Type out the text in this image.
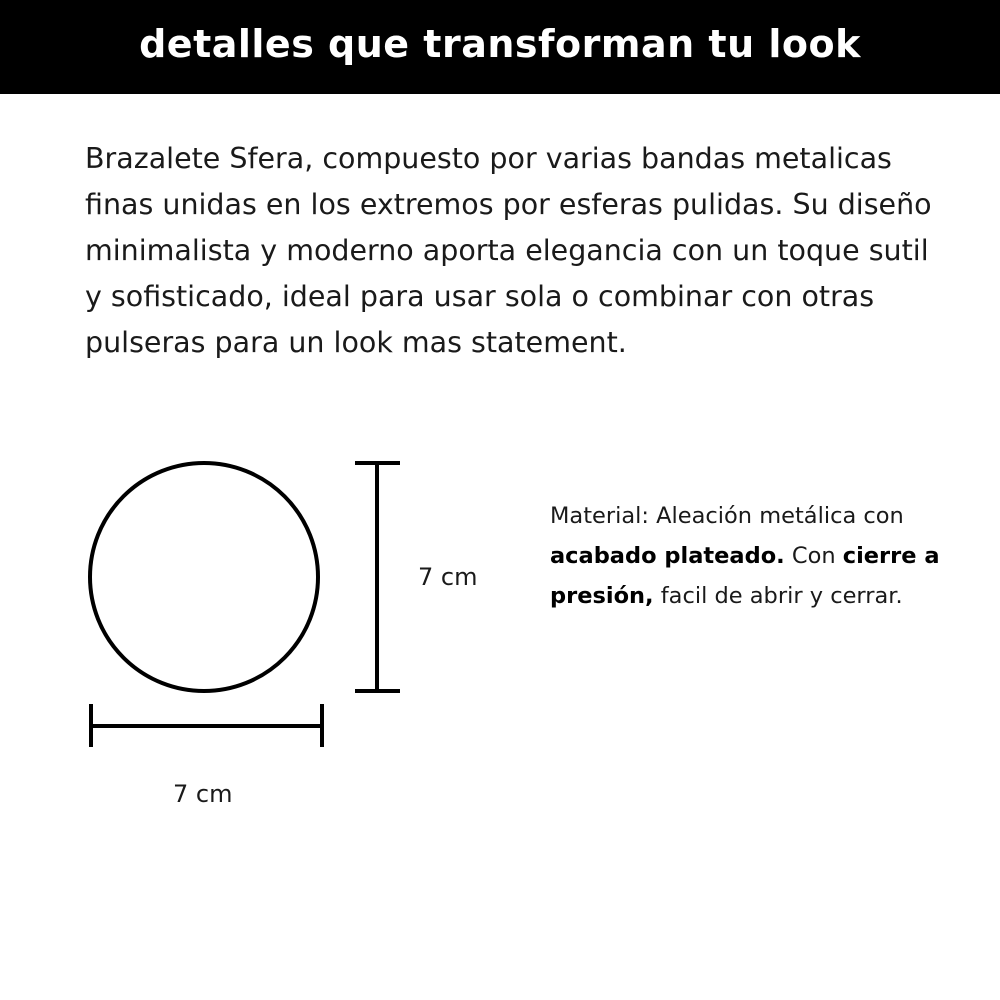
detalles que transforman tu look

Brazalete Sfera, compuesto por varias bandas metalicas finas unidas en los extremos por esferas pulidas. Su diseño minimalista y moderno aporta elegancia con un toque sutil y sofisticado, ideal para usar sola o combinar con otras pulseras para un look mas statement.

7 cm
7 cm

Material: Aleación metálica con acabado plateado. Con cierre a presión, facil de abrir y cerrar.
